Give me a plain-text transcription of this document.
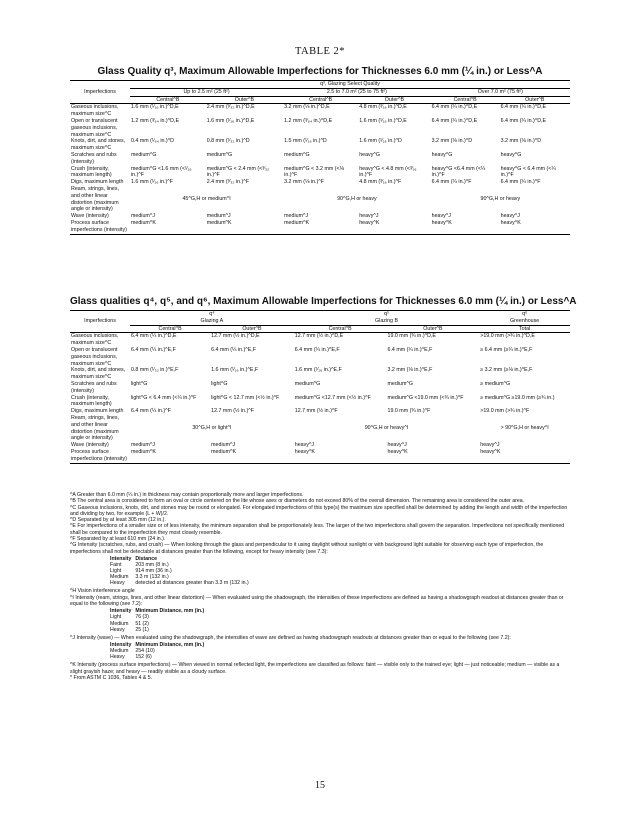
TABLE 2*
Glass Quality q³, Maximum Allowable Imperfections for Thicknesses 6.0 mm (¼ in.) or Less^A
Imperfections	q³, Glazing Select Quality					
	Up to 2.5 m² (25 ft²)		2.5 to 7.0 m² (25 to 75 ft²)		Over 7.0 m² (75 ft²)	
	Central^B	Outer^B	Central^B	Outer^B	Central^B	Outer^B
Gaseous inclusions, maximum size^C	1.6 mm (¹⁄₁₆ in.)^D,E	2.4 mm (³⁄₃₂ in.)^D,E	3.2 mm (⅛ in.)^D,E	4.8 mm (³⁄₁₆ in.)^D,E	6.4 mm (¼ in.)^D,E	6.4 mm (¼ in.)^D,E
Open or translucent gaseous inclusions, maximum size^C	1.2 mm (³⁄₆₄ in.)^D,E	1.6 mm (¹⁄₁₆ in.)^D,E	1.2 mm (³⁄₆₄ in.)^D,E	1.6 mm (¹⁄₁₆ in.)^D,E	6.4 mm (¼ in.)^D,E	6.4 mm (¼ in.)^D,E
Knots, dirt, and stones, maximum size^C	0.4 mm (¹⁄₆₄ in.)^D	0.8 mm (¹⁄₃₂ in.)^D	1.5 mm (¹⁄₁₆ in.)^D	1.6 mm (¹⁄₁₆ in.)^D	3.2 mm (⅛ in.)^D	3.2 mm (⅛ in.)^D
Scratches and rubs (intensity)	medium^G	medium^G	medium^G	heavy^G	heavy^G	heavy^G
Crush (intensity, maximum length)	medium^G <1.6 mm (<¹⁄₁₆ in.)^F	medium^G < 2.4 mm (<³⁄₃₂ in.)^F	medium^G < 3.2 mm (<⅛ in.)^F	heavy^G < 4.8 mm (<³⁄₁₆ in.)^F	heavy^G <6.4 mm (<¼ in.)^F	heavy^G < 6.4 mm (<¼ in.)^F
Digs, maximum length	1.6 mm (¹⁄₁₆ in.)^F	2.4 mm (³⁄₃₂ in.)^F	3.2 mm (⅛ in.)^F	4.8 mm (³⁄₁₆ in.)^F	6.4 mm (¼ in.)^F	6.4 mm (¼ in.)^F
Ream, strings, lines, and other linear distortion (maximum angle or intensity)	45^G,H or medium^I		90^G,H or heavy		90^G,H or heavy	
Wave (intensity)	medium^J	medium^J	medium^J	heavy^J	heavy^J	heavy^J
Process surface imperfections (intensity)	medium^K	medium^K	medium^K	heavy^K	heavy^K	heavy^K
Glass qualities q⁴, q⁵, and q⁶, Maximum Allowable Imperfections for Thicknesses 6.0 mm (¼ in.) or Less^A
Imperfections	q⁴		q⁵		q⁶
	Glazing A		Glazing B		Greenhouse
	Central^B	Outer^B	Central^B	Outer^B	Total
Gaseous inclusions, maximum size^C	6.4 mm (¼ in.)^D,E	12.7 mm (½ in.)^D,E	12.7 mm (½ in.)^D,E	19.0 mm (¾ in.)^D,E	>19.0 mm (>¾ in.)^D,E
Open or translucent gaseous inclusions, maximum size^C	6.4 mm (¼ in.)^E,F	6.4 mm (¼ in.)^E,F	6.4 mm (¼ in.)^E,F	6.4 mm (¼ in.)^E,F	≥ 6.4 mm (≥¼ in.)^E,F
Knots, dirt, and stones, maximum size^C	0.8 mm (¹⁄₃₂ in.)^E,F	1.6 mm (¹⁄₁₆ in.)^E,F	1.6 mm (¹⁄₁₆ in.)^E,F	3.2 mm (⅛ in.)^E,F	≥ 3.2 mm (≥⅛ in.)^E,F
Scratches and rubs (intensity)	light^G	light^G	medium^G	medium^G	≥ medium^G
Crush (intensity, maximum length)	light^G < 6.4 mm (<¼ in.)^F	light^G < 12.7 mm (<½ in.)^F	medium^G <12.7 mm (<½ in.)^F	medium^G <19.0 mm (<¾ in.)^F	≥ medium^G ≥19.0 mm (≥¾ in.)
Digs, maximum length	6.4 mm (¼ in.)^F	12.7 mm (½ in.)^F	12.7 mm (½ in.)^F	19.0 mm (¾ in.)^F	>19.0 mm (>¾ in.)^F
Ream, strings, lines, and other linear distortion (maximum angle or intensity)	30^G,H or light^I		90^G,H or heavy^I		> 90^G,H or heavy^I
Wave (intensity)	medium^J	medium^J	heavy^J	heavy^J	heavy^J
Process surface imperfections (intensity)	medium^K	medium^K	heavy^K	heavy^K	heavy^K

^A Greater than 6.0 mm (¼ in.) in thickness may contain proportionally more and larger imperfections.

^B The central area is considered to form an oval or circle centered on the lite whose axes or diameters do not exceed 80% of the overall dimension. The remaining area is considered the outer area.

^C Gaseous inclusions, knots, dirt, and stones may be round or elongated. For elongated imperfections of this type(s) the maximum size specified shall be determined by adding the length and width of the imperfection and dividing by two, for example (L + W)/2.

^D Separated by at least 305 mm (12 in.).

^E For imperfections of a smaller size or of less intensity, the minimum separation shall be proportionately less. The larger of the two imperfections shall govern the separation. Imperfections not specifically mentioned shall be compared to the imperfection they most closely resemble.

^F Separated by at least 610 mm (24 in.).

^G Intensity (scratches, rubs, and crush) — When looking through the glass and perpendicular to it using daylight without sunlight or with background light suitable for observing each type of imperfection, the imperfections shall not be detectable at distances greater than the following, except for heavy intensity (see 7.3):

Intensity	Distance
Faint	203 mm (8 in.)
Light	914 mm (36 in.)
Medium	3.3 m (132 in.)
Heavy	detected at distances greater than 3.3 m (132 in.)

^H Vision interference angle

^I Intensity (ream, strings, lines, and other linear distortion) — When evaluated using the shadowgraph, the intensities of these imperfections are defined as having a shadowgraph readout at distances greater than or equal to the following (see 7.2):

Intensity	Minimum Distance, mm (in.)
Light	76 (3)
Medium	51 (2)
Heavy	25 (1)

^J Intensity (wave) — When evaluated using the shadowgraph, the intensities of wave are defined as having shadowgraph readouts at distances greater than or equal to the following (see 7.2):

Intensity	Minimum Distance, mm (in.)
Medium	254 (10)
Heavy	152 (6)

^K Intensity (process surface imperfections) — When viewed in normal reflected light, the imperfections are classified as follows: faint — visible only to the trained eye; light — just noticeable; medium — visible as a slight grayish haze; and heavy — readily visible as a cloudy surface.

* From ASTM C 1036, Tables 4 & 5.

15
